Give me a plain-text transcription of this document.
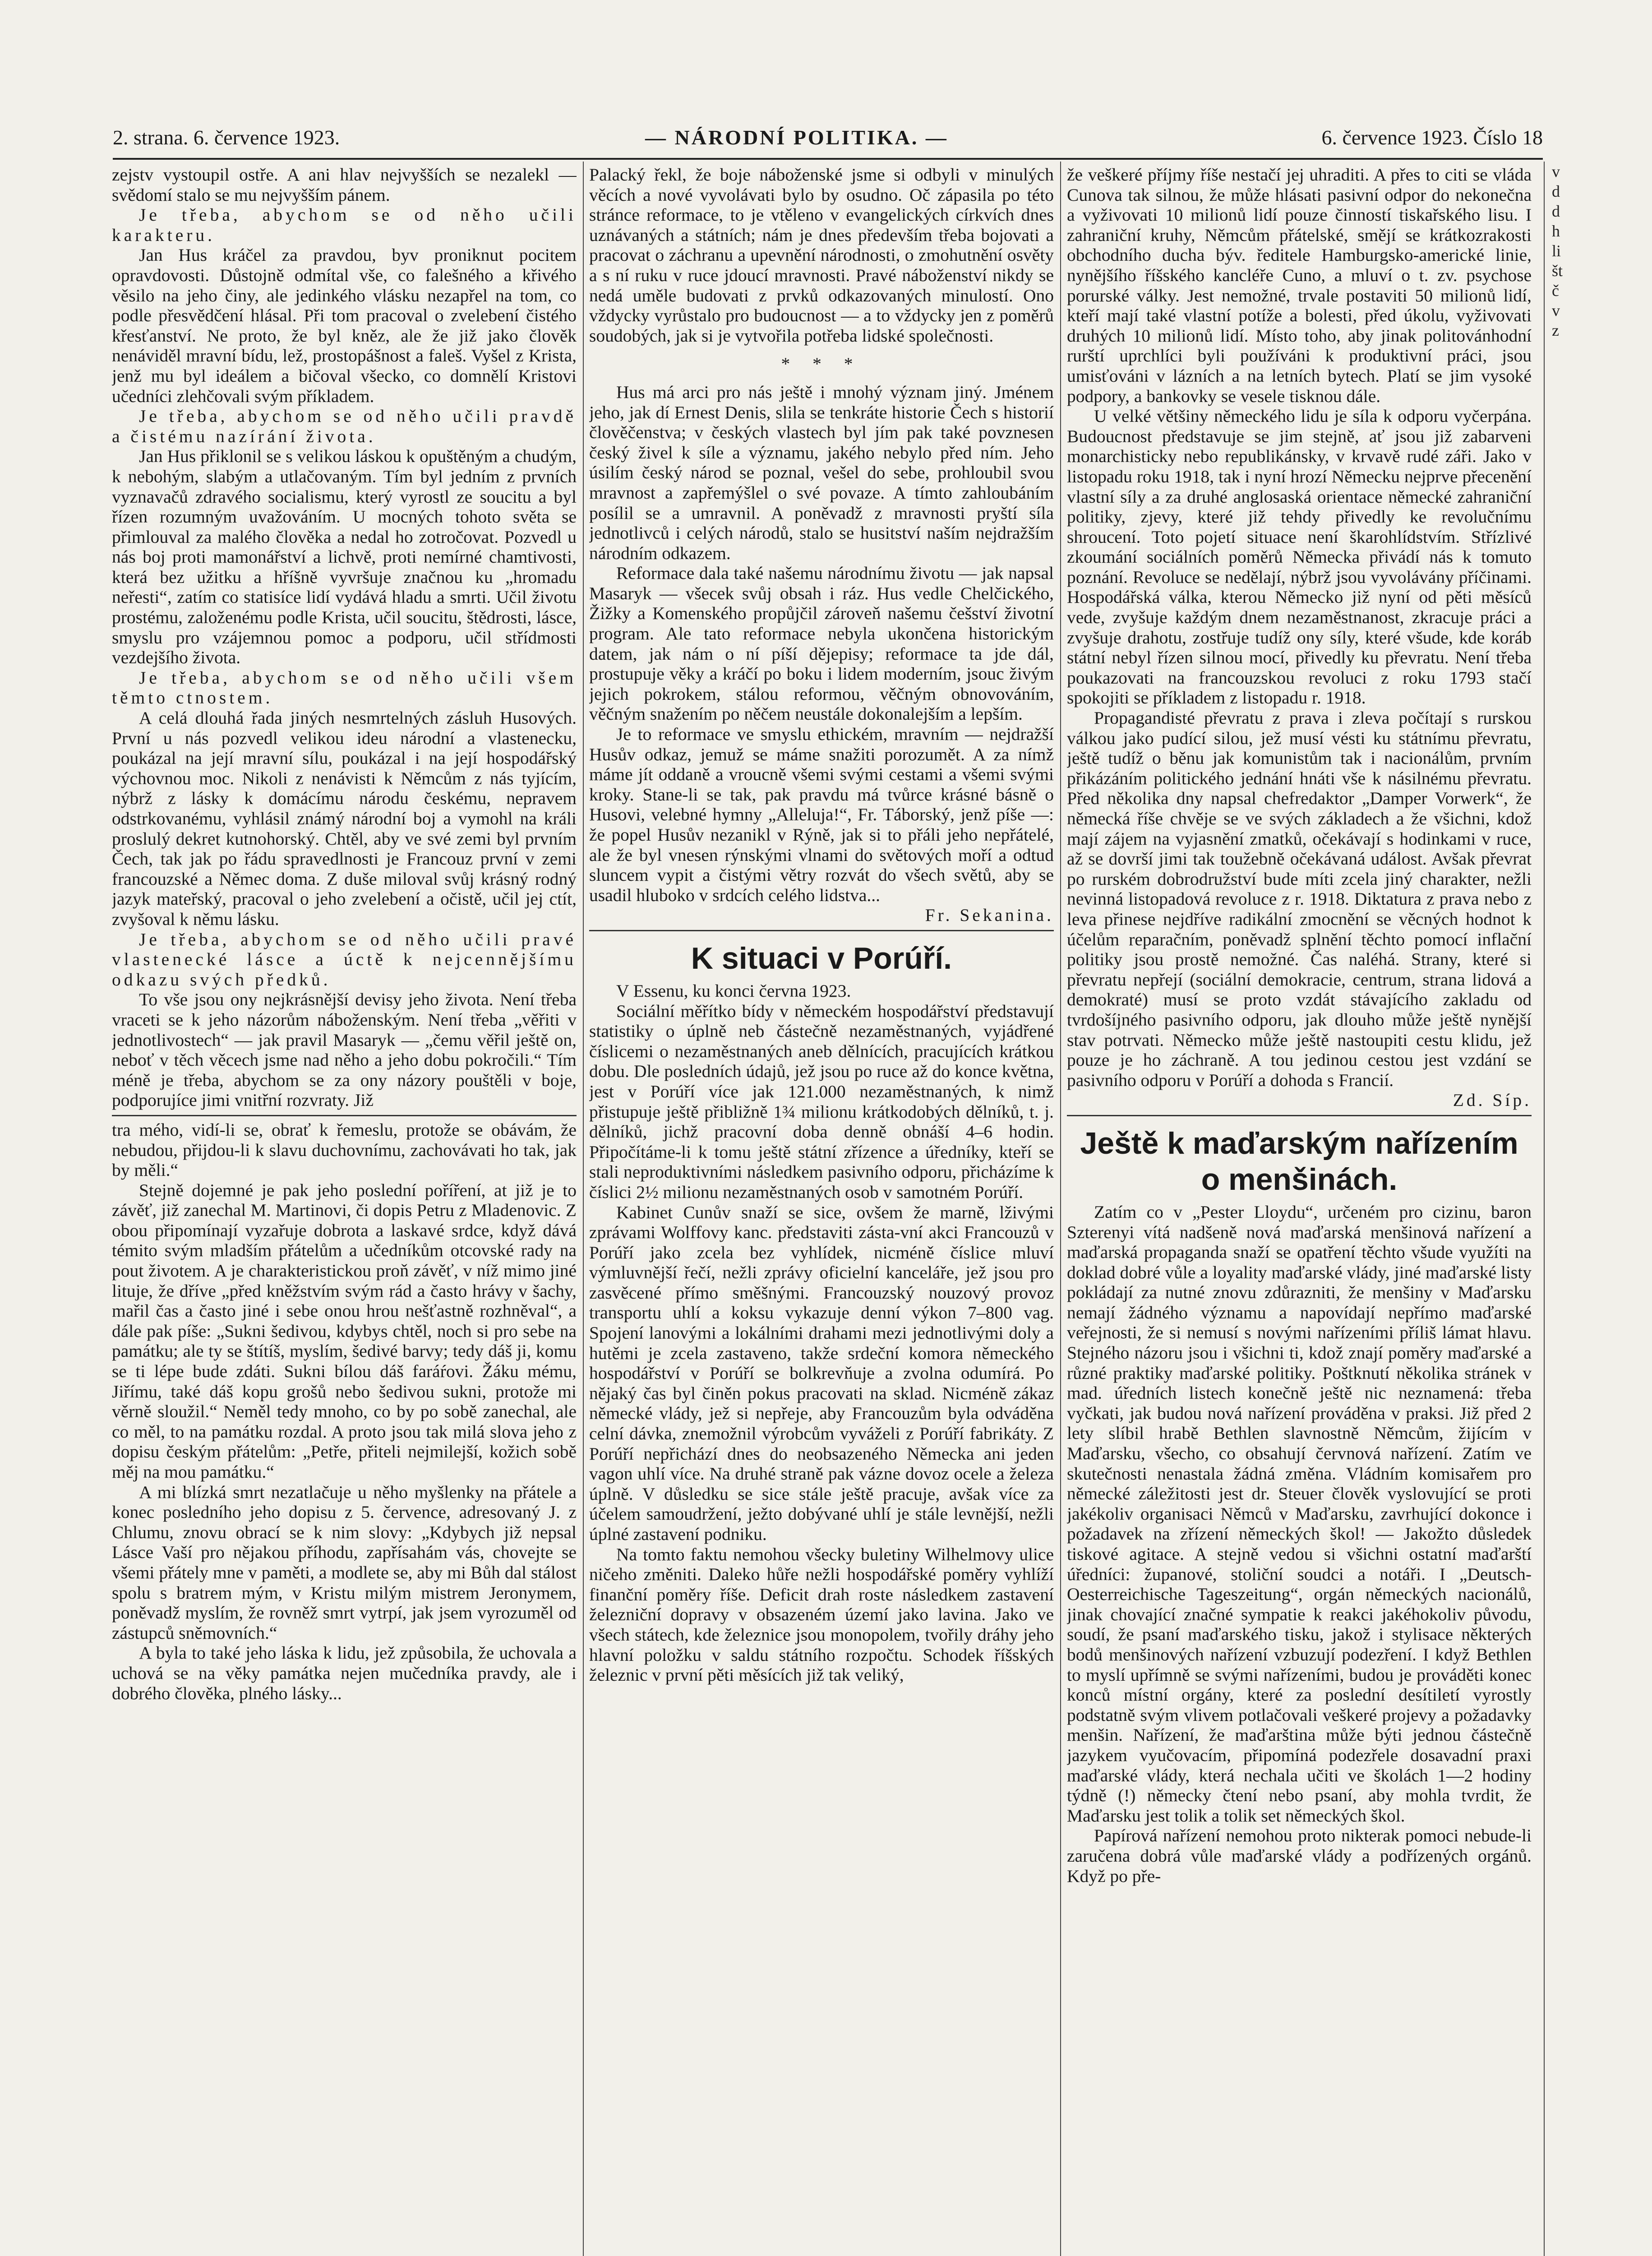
2. strana. 6. července 1923.	— NÁRODNÍ POLITIKA. —	6. července 1923. Číslo 18

zejstv vystoupil ostře. A ani hlav nejvyšších se nezalekl — svědomí stalo se mu nejvyšším pánem.

Je třeba, abychom se od něho učili karakteru.

Jan Hus kráčel za pravdou, byv proniknut pocitem opravdovosti. Důstojně odmítal vše, co falešného a křivého věsilo na jeho činy, ale jedinkého vlásku nezapřel na tom, co podle přesvědčení hlásal. Při tom pracoval o zvelebení čistého křesťanství. Ne proto, že byl kněz, ale že již jako člověk nenáviděl mravní bídu, lež, prostopášnost a faleš. Vyšel z Krista, jenž mu byl ideálem a bičoval všecko, co domnělí Kristovi učedníci zlehčovali svým příkladem.

Je třeba, abychom se od něho učili pravdě a čistému nazírání života.

Jan Hus přiklonil se s velikou láskou k opuštěným a chudým, k nebohým, slabým a utlačovaným. Tím byl jedním z prvních vyznavačů zdravého socialismu, který vyrostl ze soucitu a byl řízen rozumným uvažováním. U mocných tohoto světa se přimlouval za malého člověka a nedal ho zotročovat. Pozvedl u nás boj proti mamonářství a lichvě, proti nemírné chamtivosti, která bez užitku a hříšně vyvršuje značnou ku „hromadu neřesti“, zatím co statisíce lidí vydává hladu a smrti. Učil životu prostému, založenému podle Krista, učil soucitu, štědrosti, lásce, smyslu pro vzájemnou pomoc a podporu, učil střídmosti vezdejšího života.

Je třeba, abychom se od něho učili všem těmto ctnostem.

A celá dlouhá řada jiných nesmrtelných zásluh Husových. První u nás pozvedl velikou ideu národní a vlastenecku, poukázal na její mravní sílu, poukázal i na její hospodářský výchovnou moc. Nikoli z nenávisti k Němcům z nás tyjícím, nýbrž z lásky k domácímu národu českému, nepravem odstrkovanému, vyhlásil známý národní boj a vymohl na králi proslulý dekret kutnohorský. Chtěl, aby ve své zemi byl prvním Čech, tak jak po řádu spravedlnosti je Francouz první v zemi francouzské a Němec doma. Z duše miloval svůj krásný rodný jazyk mateřský, pracoval o jeho zvelebení a očistě, učil jej ctít, zvyšoval k němu lásku.

Je třeba, abychom se od něho učili pravé vlastenecké lásce a úctě k nejcennějšímu odkazu svých předků.

To vše jsou ony nejkrásnější devisy jeho života. Není třeba vraceti se k jeho názorům náboženským. Není třeba „věřiti v jednotlivostech“ — jak pravil Masaryk — „čemu věřil ještě on, neboť v těch věcech jsme nad něho a jeho dobu pokročili.“ Tím méně je třeba, abychom se za ony názory pouštěli v boje, podporujíce jimi vnitřní rozvraty. Již

tra mého, vidí-li se, obrať k řemeslu, protože se obávám, že nebudou, přijdou-li k slavu duchovnímu, zachovávati ho tak, jak by měli.“

Stejně dojemné je pak jeho poslední poříření, at již je to závěť, již zanechal M. Martinovi, či dopis Petru z Mladenovic. Z obou připomínají vyzařuje dobrota a laskavé srdce, když dává témito svým mladším přátelům a učedníkům otcovské rady na pout životem. A je charakteristickou proň závěť, v níž mimo jiné lituje, že dříve „před kněžstvím svým rád a často hrávy v šachy, mařil čas a často jiné i sebe onou hrou nešťastně rozhněval“, a dále pak píše: „Sukni šedivou, kdybys chtěl, noch si pro sebe na památku; ale ty se štítíš, myslím, šedivé barvy; tedy dáš ji, komu se ti lépe bude zdáti. Sukni bílou dáš faráŕovi. Žáku mému, Jiřímu, také dáš kopu grošů nebo šedivou sukni, protože mi věrně sloužil.“ Neměl tedy mnoho, co by po sobě zanechal, ale co měl, to na památku rozdal. A proto jsou tak milá slova jeho z dopisu českým přátelům: „Petře, přiteli nejmilejší, kožich sobě měj na mou památku.“

A mi blízká smrt nezatlačuje u něho myšlenky na přátele a konec posledního jeho dopisu z 5. července, adresovaný J. z Chlumu, znovu obrací se k nim slovy: „Kdybych již nepsal Lásce Vaší pro nějakou příhodu, zapřísahám vás, chovejte se všemi přátely mne v paměti, a modlete se, aby mi Bůh dal stálost spolu s bratrem mým, v Kristu milým mistrem Jeronymem, poněvadž myslím, že rovněž smrt vytrpí, jak jsem vyrozuměl od zástupců sněmovních.“

A byla to také jeho láska k lidu, jež způsobila, že uchovala a uchová se na věky památka nejen mučedníka pravdy, ale i dobrého člověka, plného lásky...

Palacký řekl, že boje náboženské jsme si odbyli v minulých věcích a nové vyvolávati bylo by osudno. Oč zápasila po této stránce reformace, to je vtěleno v evangelických církvích dnes uznávaných a státních; nám je dnes především třeba bojovati a pracovat o záchranu a upevnění národnosti, o zmohutnění osvěty a s ní ruku v ruce jdoucí mravnosti. Pravé náboženství nikdy se nedá uměle budovati z prvků odkazovaných minulostí. Ono vždycky vyrůstalo pro budoucnost — a to vždycky jen z poměrů soudobých, jak si je vytvořila potřeba lidské společnosti.

* * *

Hus má arci pro nás ještě i mnohý význam jiný. Jménem jeho, jak dí Ernest Denis, slila se tenkráte historie Čech s historií člověčenstva; v českých vlastech byl jím pak také povznesen český živel k síle a významu, jakého nebylo před ním. Jeho úsilím český národ se poznal, vešel do sebe, prohloubil svou mravnost a zapřemýšlel o své povaze. A tímto zahloubáním posílil se a umravnil. A poněvadž z mravnosti pryští síla jednotlivců i celých národů, stalo se husitství naším nejdražším národním odkazem.

Reformace dala také našemu národnímu životu — jak napsal Masaryk — všecek svůj obsah i ráz. Hus vedle Chelčického, Žižky a Komenského propůjčil zároveň našemu češství životní program. Ale tato reformace nebyla ukončena historickým datem, jak nám o ní píší dějepisy; reformace ta jde dál, prostupuje věky a kráčí po boku i lidem moderním, jsouc živým jejich pokrokem, stálou reformou, věčným obnovováním, věčným snažením po něčem neustále dokonalejším a lepším.

Je to reformace ve smyslu ethickém, mravním — nejdražší Husův odkaz, jemuž se máme snažiti porozumět. A za nímž máme jít oddaně a vroucně všemi svými cestami a všemi svými kroky. Stane-li se tak, pak pravdu má tvůrce krásné básně o Husovi, velebné hymny „Alleluja!“, Fr. Táborský, jenž píše —: že popel Husův nezanikl v Rýně, jak si to přáli jeho nepřátelé, ale že byl vnesen rýnskými vlnami do světových moří a odtud sluncem vypit a čistými větry rozvát do všech světů, aby se usadil hluboko v srdcích celého lidstva...

Fr. Sekanina.
K situaci v Porúří.

V Essenu, ku konci června 1923.

Sociální měřítko bídy v německém hospodářství představují statistiky o úplně neb částečně nezaměstnaných, vyjádřené číslicemi o nezaměstnaných aneb dělnících, pracujících krátkou dobu. Dle posledních údajů, jež jsou po ruce až do konce května, jest v Porúří více jak 121.000 nezaměstnaných, k nimž přistupuje ještě přibližně 1¾ milionu krátkodobých dělníků, t. j. dělníků, jichž pracovní doba denně obnáší 4–6 hodin. Připočítáme-li k tomu ještě státní zřízence a úředníky, kteří se stali neproduktivními následkem pasivního odporu, přicházíme k číslici 2½ milionu nezaměstnaných osob v samotném Porúří.

Kabinet Cunův snaží se sice, ovšem že marně, lživými zprávami Wolffovy kanc. představiti zásta-vní akci Francouzů v Porúří jako zcela bez vyhlídek, nicméně číslice mluví výmluvnější řečí, nežli zprávy oficielní kanceláře, jež jsou pro zasvěcené přímo směšnými. Francouzský nouzový provoz transportu uhlí a koksu vykazuje denní výkon 7–800 vag. Spojení lanovými a lokálními drahami mezi jednotlivými doly a hutěmi je zcela zastaveno, takže srdeční komora německého hospodářství v Porúří se bolkrevňuje a zvolna odumírá. Po nějaký čas byl činěn pokus pracovati na sklad. Nicméně zákaz německé vlády, jež si nepřeje, aby Francouzům byla odváděna celní dávka, znemožnil výrobcům vyváželi z Porúří fabrikáty. Z Porúří nepřichází dnes do neobsazeného Německa ani jeden vagon uhlí více. Na druhé straně pak vázne dovoz ocele a železa úplně. V důsledku se sice stále ještě pracuje, avšak více za účelem samoudržení, ježto dobývané uhlí je stále levnější, nežli úplné zastavení podniku.

Na tomto faktu nemohou všecky buletiny Wilhelmovy ulice ničeho změniti. Daleko hůře nežli hospodářské poměry vyhlíží finanční poměry říše. Deficit drah roste následkem zastavení železniční dopravy v obsazeném území jako lavina. Jako ve všech státech, kde železnice jsou monopolem, tvořily dráhy jeho hlavní položku v saldu státního rozpočtu. Schodek říšských železnic v první pěti měsících již tak veliký,

že veškeré příjmy říše nestačí jej uhraditi. A přes to citi se vláda Cunova tak silnou, že může hlásati pasivní odpor do nekonečna a vyživovati 10 milionů lidí pouze činností tiskařského lisu. I zahraniční kruhy, Němcům přátelské, smějí se krátkozrakosti obchodního ducha býv. ředitele Hamburgsko-americké linie, nynějšího říšského kancléře Cuno, a mluví o t. zv. psychose porurské války. Jest nemožné, trvale postaviti 50 milionů lidí, kteří mají také vlastní potíže a bolesti, před úkolu, vyživovati druhých 10 milionů lidí. Místo toho, aby jinak politovánhodní rurští uprchlíci byli používáni k produktivní práci, jsou umisťováni v lázních a na letních bytech. Platí se jim vysoké podpory, a bankovky se vesele tisknou dále.

U velké většiny německého lidu je síla k odporu vyčerpána. Budoucnost představuje se jim stejně, ať jsou již zabarveni monarchisticky nebo republikánsky, v krvavě rudé záři. Jako v listopadu roku 1918, tak i nyní hrozí Německu nejprve přecenění vlastní síly a za druhé anglosaská orientace německé zahraniční politiky, zjevy, které již tehdy přivedly ke revolučnímu shroucení. Toto pojetí situace není škarohlídstvím. Střízlivé zkoumání sociálních poměrů Německa přivádí nás k tomuto poznání. Revoluce se nedělají, nýbrž jsou vyvolávány příčinami. Hospodářská válka, kterou Německo již nyní od pěti měsíců vede, zvyšuje každým dnem nezaměstnanost, zkracuje práci a zvyšuje drahotu, zostřuje tudíž ony síly, které všude, kde koráb státní nebyl řízen silnou mocí, přivedly ku převratu. Není třeba poukazovati na francouzskou revoluci z roku 1793 stačí spokojiti se příkladem z listopadu r. 1918.

Propagandisté převratu z prava i zleva počítají s rurskou válkou jako pudící silou, jež musí vésti ku státnímu převratu, ještě tudíž o běnu jak komunistům tak i nacionálům, prvním přikázáním politického jednání hnáti vše k násilnému převratu. Před několika dny napsal chefredaktor „Damper Vorwerk“, že německá říše chvěje se ve svých základech a že všichni, kdož mají zájem na vyjasnění zmatků, očekávají s hodinkami v ruce, až se dovrší jimi tak toužebně očekávaná událost. Avšak převrat po rurském dobrodružství bude míti zcela jiný charakter, nežli nevinná listopadová revoluce z r. 1918. Diktatura z prava nebo z leva přinese nejdříve radikální zmocnění se věcných hodnot k účelům reparačním, poněvadž splnění těchto pomocí inflační politiky jsou prostě nemožné. Čas naléhá. Strany, které si převratu nepřejí (sociální demokracie, centrum, strana lidová a demokraté) musí se proto vzdát stávajícího zakladu od tvrdošíjného pasivního odporu, jak dlouho může ještě nynější stav potrvati. Německo může ještě nastoupiti cestu klidu, jež pouze je ho záchraně. A tou jedinou cestou jest vzdání se pasivního odporu v Porúří a dohoda s Francií.

Zd. Síp.
Ještě k maďarským nařízením o menšinách.

Zatím co v „Pester Lloydu“, určeném pro cizinu, baron Szterenyi vítá nadšeně nová maďarská menšinová nařízení a maďarská propaganda snaží se opatření těchto všude využíti na doklad dobré vůle a loyality maďarské vlády, jiné maďarské listy pokládají za nutné znovu zdůrazniti, že menšiny v Maďarsku nemají žádného významu a napovídají nepřímo maďarské veřejnosti, že si nemusí s novými nařízeními příliš lámat hlavu. Stejného názoru jsou i všichni ti, kdož znají poměry maďarské a různé praktiky maďarské politiky. Poštknutí několika stránek v mad. úředních listech konečně ještě nic neznamená: třeba vyčkati, jak budou nová nařízení prováděna v praksi. Již před 2 lety slíbil hrabě Bethlen slavnostně Němcům, žijícím v Maďarsku, všecho, co obsahují červnová nařízení. Zatím ve skutečnosti nenastala žádná změna. Vládním komisařem pro německé záležitosti jest dr. Steuer člověk vyslovující se proti jakékoliv organisaci Němců v Maďarsku, zavrhující dokonce i požadavek na zřízení německých škol! — Jakožto důsledek tiskové agitace. A stejně vedou si všichni ostatní maďarští úředníci: županové, stoliční soudci a notáři. I „Deutsch-Oesterreichische Tageszeitung“, orgán německých nacionálů, jinak chovající značné sympatie k reakci jakéhokoliv původu, soudí, že psaní maďarského tisku, jakož i stylisace některých bodů menšinových nařízení vzbuzují podezření. I když Bethlen to myslí upřímně se svými nařízeními, budou je prováděti konec konců místní orgány, které za poslední desítiletí vyrostly podstatně svým vlivem potlačovali veškeré projevy a požadavky menšin. Nařízení, že maďarština může býti jednou částečně jazykem vyučovacím, připomíná podezřele dosavadní praxi maďarské vlády, která nechala učiti ve školách 1—2 hodiny týdně (!) německy čtení nebo psaní, aby mohla tvrdit, že Maďarsku jest tolik a tolik set německých škol.

Papírová nařízení nemohou proto nikterak pomoci nebude-li zaručena dobrá vůle maďarské vlády a podřízených orgánů. Když po pře-

v
d
d
h
li
št
č
v
z
